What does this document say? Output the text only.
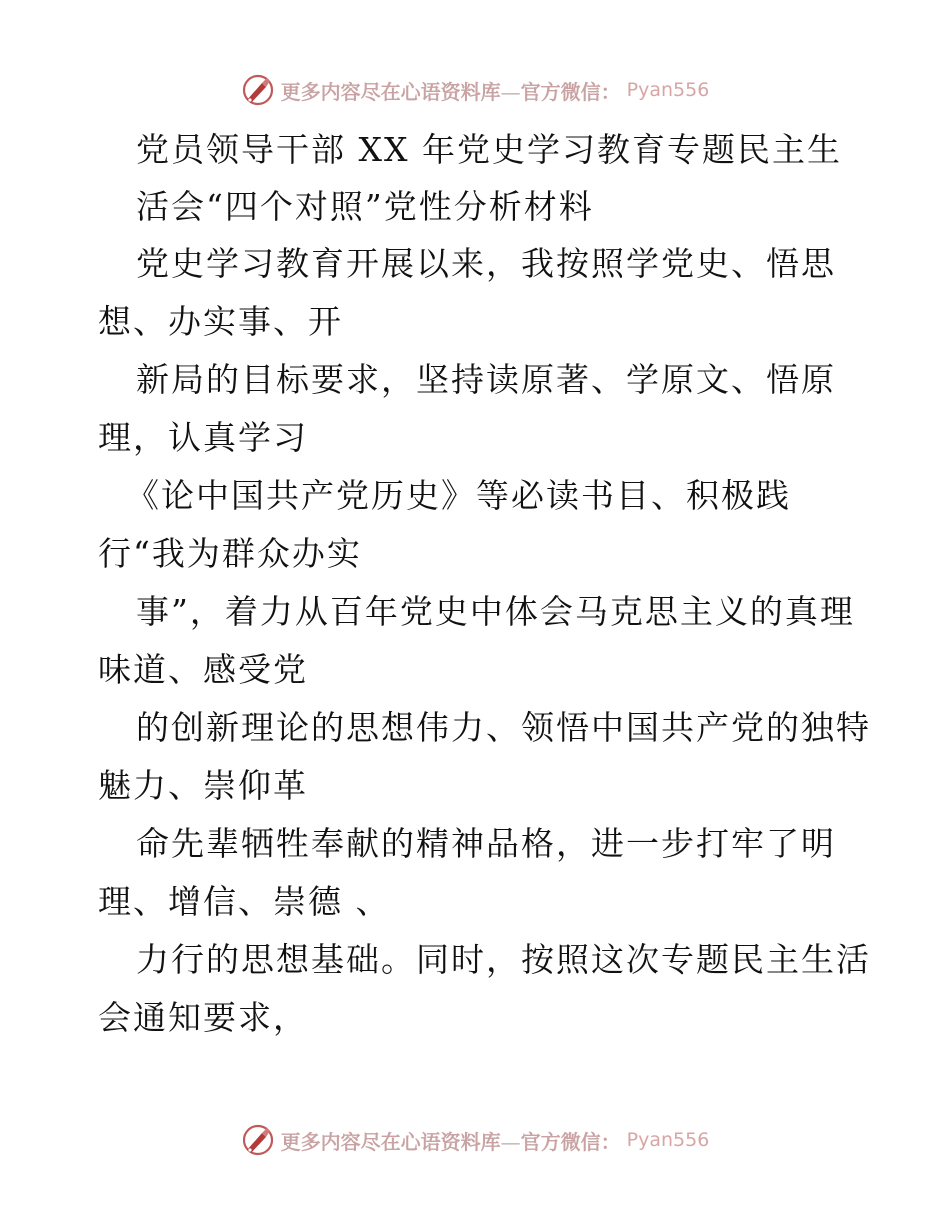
更多内容尽在心语资料库—官方微信： Pyan556
党员领导干部 XX 年党史学习教育专题民主生
活会“四个对照”党性分析材料
党史学习教育开展以来，我按照学党史、悟思
想、办实事、开
新局的目标要求，坚持读原著、学原文、悟原
理，认真学习
《论中国共产党历史》等必读书目、积极践
行“我为群众办实
事”，着力从百年党史中体会马克思主义的真理
味道、感受党
的创新理论的思想伟力、领悟中国共产党的独特
魅力、崇仰革
命先辈牺牲奉献的精神品格，进一步打牢了明
理、增信、崇德 、
力行的思想基础。同时，按照这次专题民主生活
会通知要求，
更多内容尽在心语资料库—官方微信： Pyan556
